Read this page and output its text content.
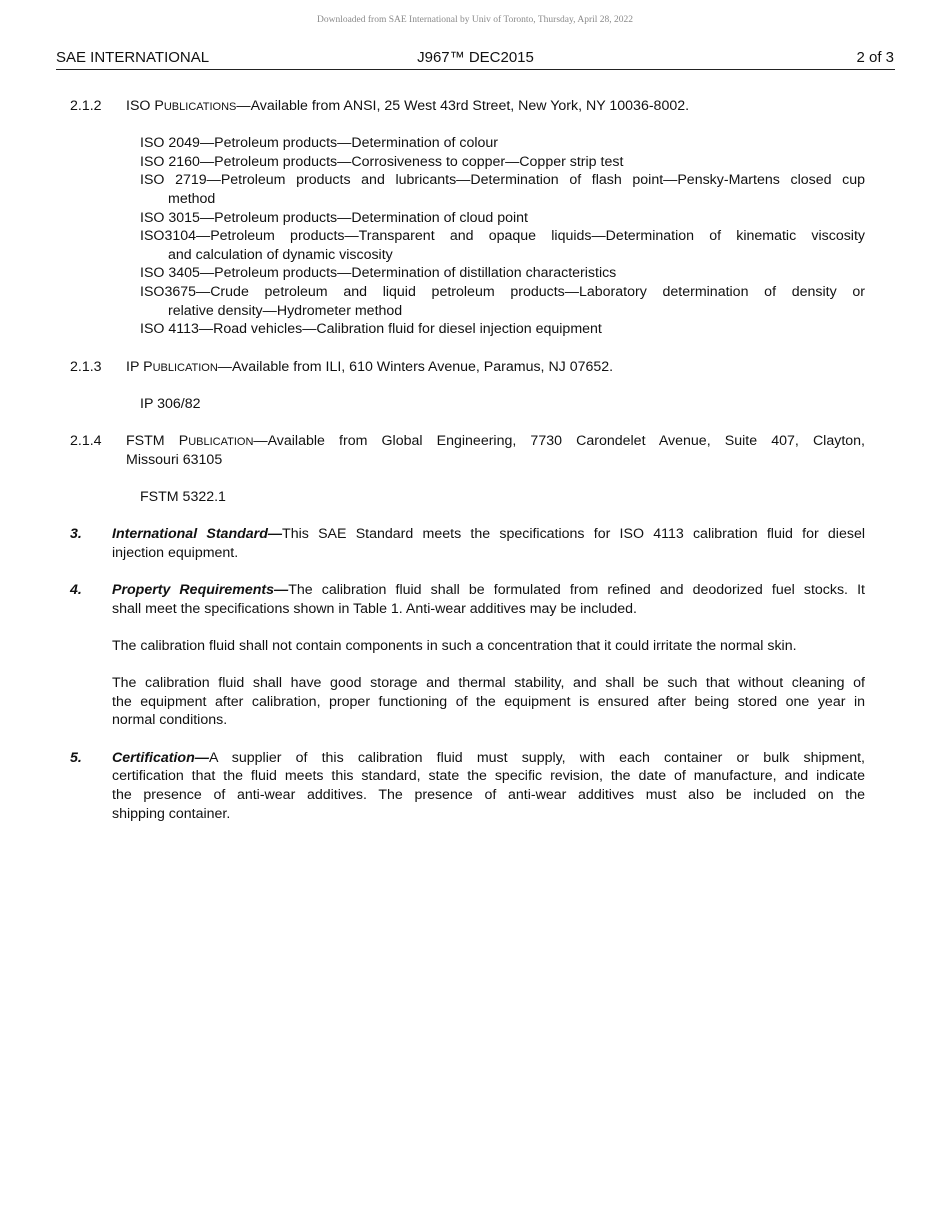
Downloaded from SAE International by Univ of Toronto, Thursday, April 28, 2022
SAE INTERNATIONAL	J967™ DEC2015	2 of 3
2.1.2 ISO PUBLICATIONS—Available from ANSI, 25 West 43rd Street, New York, NY 10036-8002.
ISO 2049—Petroleum products—Determination of colour
ISO 2160—Petroleum products—Corrosiveness to copper—Copper strip test
ISO 2719—Petroleum products and lubricants—Determination of flash point—Pensky-Martens closed cup
method
ISO 3015—Petroleum products—Determination of cloud point
ISO3104—Petroleum products—Transparent and opaque liquids—Determination of kinematic viscosity
and calculation of dynamic viscosity
ISO 3405—Petroleum products—Determination of distillation characteristics
ISO3675—Crude petroleum and liquid petroleum products—Laboratory determination of density or
relative density—Hydrometer method
ISO 4113—Road vehicles—Calibration fluid for diesel injection equipment
2.1.3 IP PUBLICATION—Available from ILI, 610 Winters Avenue, Paramus, NJ 07652.
IP 306/82
2.1.4 FSTM PUBLICATION—Available from Global Engineering, 7730 Carondelet Avenue, Suite 407, Clayton,
Missouri 63105
FSTM 5322.1
3. International Standard—This SAE Standard meets the specifications for ISO 4113 calibration fluid for diesel
injection equipment.
4. Property Requirements—The calibration fluid shall be formulated from refined and deodorized fuel stocks. It
shall meet the specifications shown in Table 1. Anti-wear additives may be included.
The calibration fluid shall not contain components in such a concentration that it could irritate the normal skin.
The calibration fluid shall have good storage and thermal stability, and shall be such that without cleaning of
the equipment after calibration, proper functioning of the equipment is ensured after being stored one year in
normal conditions.
5. Certification—A supplier of this calibration fluid must supply, with each container or bulk shipment,
certification that the fluid meets this standard, state the specific revision, the date of manufacture, and indicate
the presence of anti-wear additives. The presence of anti-wear additives must also be included on the
shipping container.
